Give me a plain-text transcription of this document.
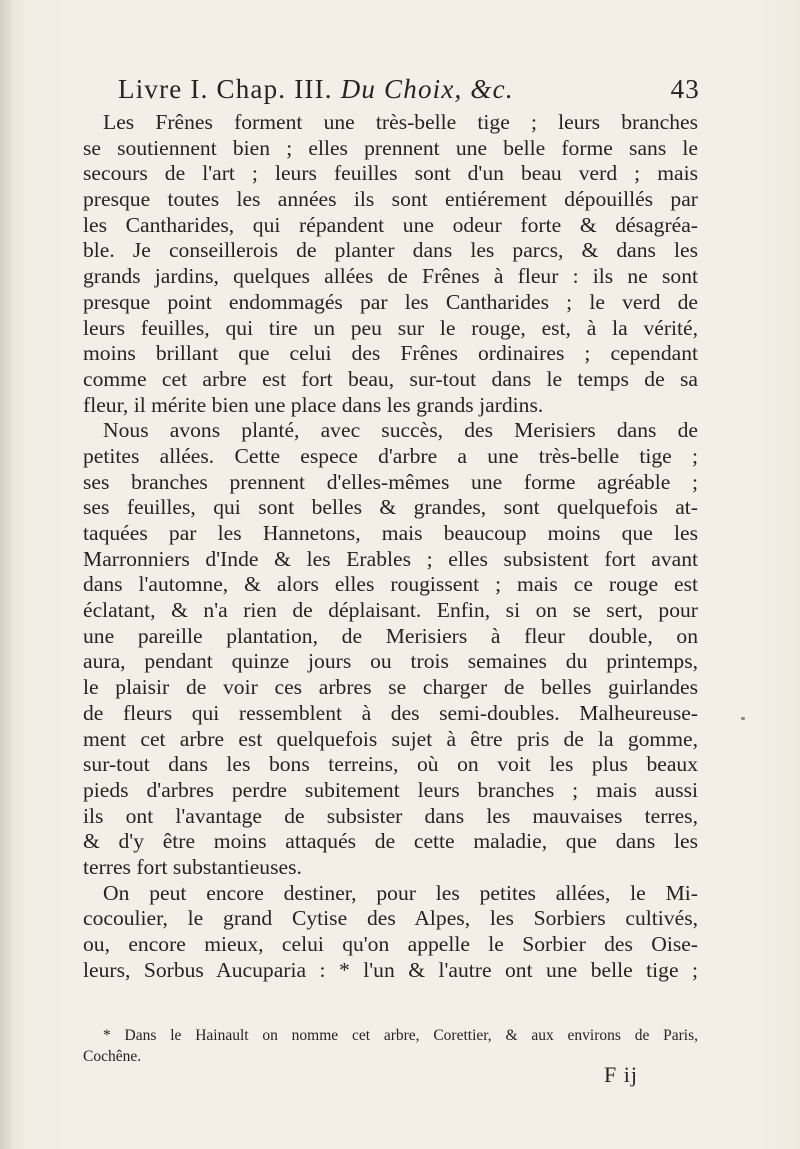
Livre I. Chap. III. Du Choix, &c.	43
Les Frênes forment une très-belle tige ; leurs branches
se soutiennent bien ; elles prennent une belle forme sans le
secours de l'art ; leurs feuilles sont d'un beau verd ; mais
presque toutes les années ils sont entiérement dépouillés par
les Cantharides, qui répandent une odeur forte & désagréa-
ble. Je conseillerois de planter dans les parcs, & dans les
grands jardins, quelques allées de Frênes à fleur : ils ne sont
presque point endommagés par les Cantharides ; le verd de
leurs feuilles, qui tire un peu sur le rouge, est, à la vérité,
moins brillant que celui des Frênes ordinaires ; cependant
comme cet arbre est fort beau, sur-tout dans le temps de sa
fleur, il mérite bien une place dans les grands jardins.
Nous avons planté, avec succès, des Merisiers dans de
petites allées. Cette espece d'arbre a une très-belle tige ;
ses branches prennent d'elles-mêmes une forme agréable ;
ses feuilles, qui sont belles & grandes, sont quelquefois at-
taquées par les Hannetons, mais beaucoup moins que les
Marronniers d'Inde & les Erables ; elles subsistent fort avant
dans l'automne, & alors elles rougissent ; mais ce rouge est
éclatant, & n'a rien de déplaisant. Enfin, si on se sert, pour
une pareille plantation, de Merisiers à fleur double, on
aura, pendant quinze jours ou trois semaines du printemps,
le plaisir de voir ces arbres se charger de belles guirlandes
de fleurs qui ressemblent à des semi-doubles. Malheureuse-
ment cet arbre est quelquefois sujet à être pris de la gomme,
sur-tout dans les bons terreins, où on voit les plus beaux
pieds d'arbres perdre subitement leurs branches ; mais aussi
ils ont l'avantage de subsister dans les mauvaises terres,
& d'y être moins attaqués de cette maladie, que dans les
terres fort substantieuses.
On peut encore destiner, pour les petites allées, le Mi-
cocoulier, le grand Cytise des Alpes, les Sorbiers cultivés,
ou, encore mieux, celui qu'on appelle le Sorbier des Oise-
leurs, Sorbus Aucuparia : * l'un & l'autre ont une belle tige ;
* Dans le Hainault on nomme cet arbre, Corettier, & aux environs de Paris,
Cochêne.
F ij
